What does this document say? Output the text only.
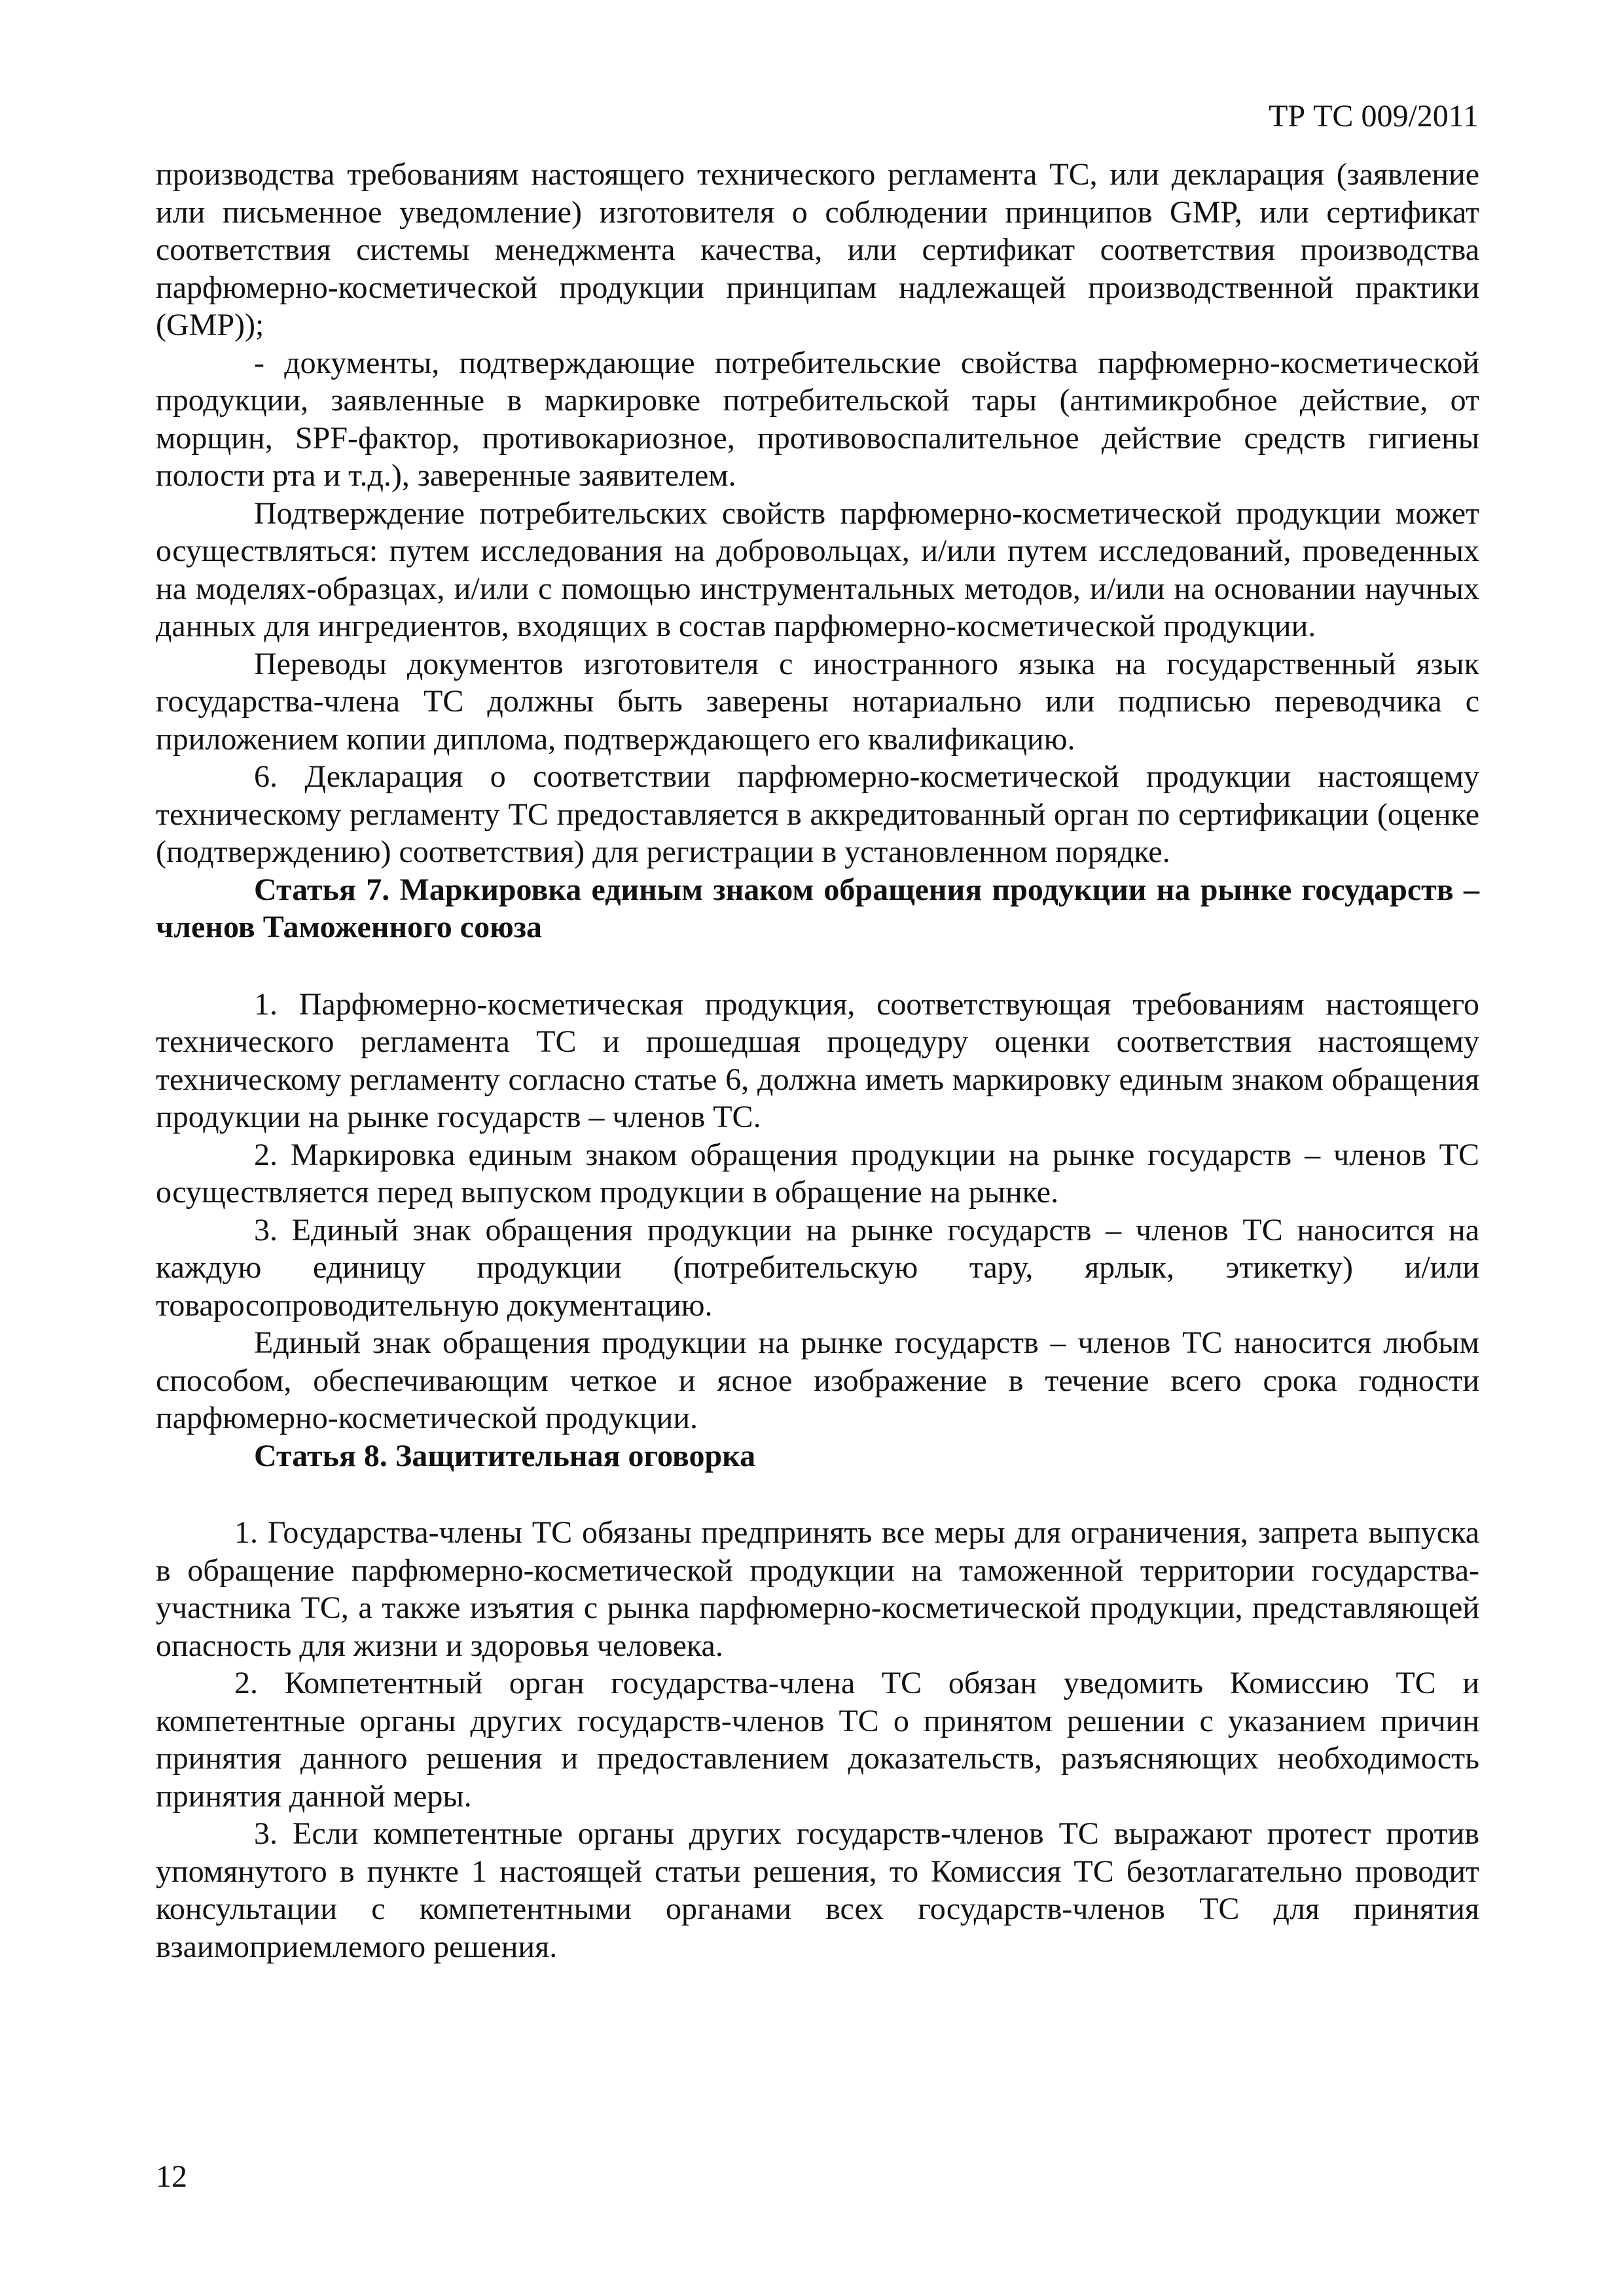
ТР ТС 009/2011

производства требованиям настоящего технического регламента ТС, или декларация (заявление или письменное уведомление) изготовителя о соблюдении принципов GMP, или сертификат соответствия системы менеджмента качества, или сертификат соответствия производства парфюмерно-косметической продукции принципам надлежащей производственной практики (GMP));

- документы, подтверждающие потребительские свойства парфюмерно-косметической продукции, заявленные в маркировке потребительской тары (антимикробное действие, от морщин, SPF-фактор, противокариозное, противовоспалительное действие средств гигиены полости рта и т.д.), заверенные заявителем.

Подтверждение потребительских свойств парфюмерно-косметической продукции может осуществляться: путем исследования на добровольцах, и/или путем исследований, проведенных на моделях-образцах, и/или с помощью инструментальных методов, и/или на основании научных данных для ингредиентов, входящих в состав парфюмерно-косметической продукции.

Переводы документов изготовителя с иностранного языка на государственный язык государства-члена ТС должны быть заверены нотариально или подписью переводчика с приложением копии диплома, подтверждающего его квалификацию.

6. Декларация о соответствии парфюмерно-косметической продукции настоящему техническому регламенту ТС предоставляется в аккредитованный орган по сертификации (оценке (подтверждению) соответствия) для регистрации в установленном порядке.

Статья 7. Маркировка единым знаком обращения продукции на рынке государств – членов Таможенного союза

1. Парфюмерно-косметическая продукция, соответствующая требованиям настоящего технического регламента ТС и прошедшая процедуру оценки соответствия настоящему техническому регламенту согласно статье 6, должна иметь маркировку единым знаком обращения продукции на рынке государств – членов ТС.

2. Маркировка единым знаком обращения продукции на рынке государств – членов ТС осуществляется перед выпуском продукции в обращение на рынке.

3. Единый знак обращения продукции на рынке государств – членов ТС наносится на каждую единицу продукции (потребительскую тару, ярлык, этикетку) и/или товаросопроводительную документацию.

Единый знак обращения продукции на рынке государств – членов ТС наносится любым способом, обеспечивающим четкое и ясное изображение в течение всего срока годности парфюмерно-косметической продукции.

Статья 8. Защитительная оговорка

1. Государства-члены ТС обязаны предпринять все меры для ограничения, запрета выпуска в обращение парфюмерно-косметической продукции на таможенной территории государства-участника ТС, а также изъятия с рынка парфюмерно-косметической продукции, представляющей опасность для жизни и здоровья человека.

2. Компетентный орган государства-члена ТС обязан уведомить Комиссию ТС и компетентные органы других государств-членов ТС о принятом решении с указанием причин принятия данного решения и предоставлением доказательств, разъясняющих необходимость принятия данной меры.

3. Если компетентные органы других государств-членов ТС выражают протест против упомянутого в пункте 1 настоящей статьи решения, то Комиссия ТС безотлагательно проводит консультации с компетентными органами всех государств-членов ТС для принятия взаимоприемлемого решения.

12
